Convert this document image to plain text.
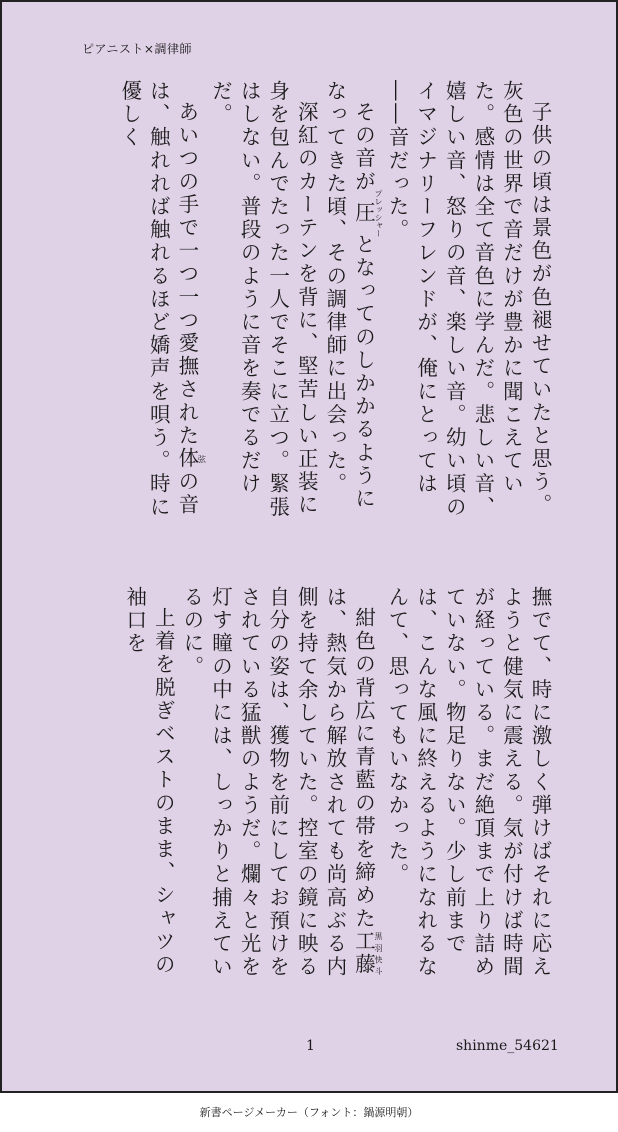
ピアニスト×調律師

子供の頃は景色が色褪せていたと思う。灰色の世界で音だけが豊かに聞こえていた。感情は全て音色に学んだ。悲しい音、嬉しい音、怒りの音、楽しい音。幼い頃のイマジナリーフレンドが、俺にとっては――音だった。

その音が圧プレッシャーとなってのしかかるようになってきた頃、その調律師に出会った。

深紅のカーテンを背に、堅苦しい正装に身を包んでたった一人でそこに立つ。緊張はしない。普段のように音を奏でるだけだ。

あいつの手で一つ一つ愛撫された体弦の音は、触れれば触れるほど嬌声を唄う。時に優しく

撫でて、時に激しく弾けばそれに応えようと健気に震える。気が付けば時間が経っている。まだ絶頂まで上り詰めていない。物足りない。少し前までは、こんな風に終えるようになれるなんて、思ってもいなかった。

紺色の背広に青藍の帯を締めた工藤黒羽快斗は、熱気から解放されても尚高ぶる内側を持て余していた。控室の鏡に映る自分の姿は、獲物を前にしてお預けをされている猛獣のようだ。爛々と光を灯す瞳の中には、しっかりと捕えているのに。

上着を脱ぎベストのまま、シャツの袖口を

1	shinme_54621
新書ページメーカー（フォント：鍋源明朝）
